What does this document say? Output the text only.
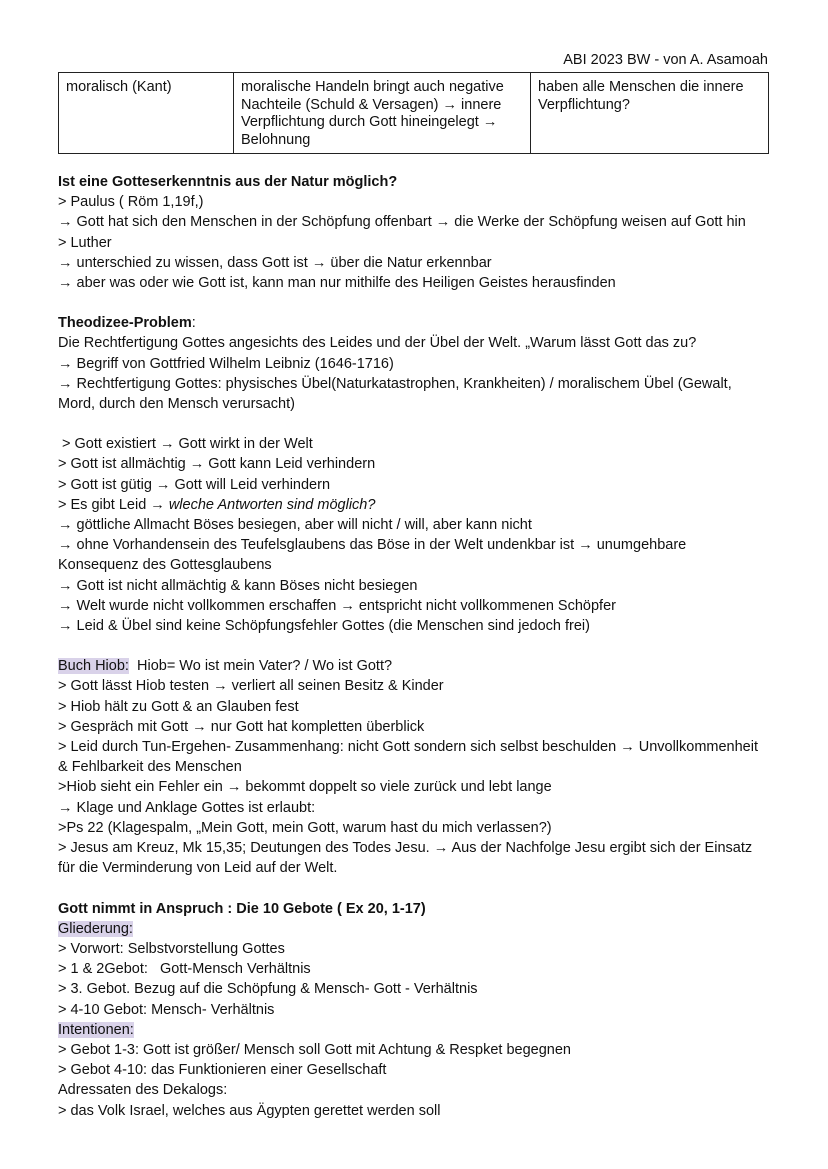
ABI 2023 BW - von A. Asamoah
moralisch (Kant)	moralische Handeln bringt auch negative Nachteile (Schuld & Versagen) → innere Verpflichtung durch Gott hineingelegt → Belohnung	haben alle Menschen die innere Verpflichtung?

Ist eine Gotteserkenntnis aus der Natur möglich?

> Paulus ( Röm 1,19f,)

→ Gott hat sich den Menschen in der Schöpfung offenbart → die Werke der Schöpfung weisen auf Gott hin

> Luther

→ unterschied zu wissen, dass Gott ist → über die Natur erkennbar

→ aber was oder wie Gott ist, kann man nur mithilfe des Heiligen Geistes herausfinden

Theodizee-Problem:

Die Rechtfertigung Gottes angesichts des Leides und der Übel der Welt. „Warum lässt Gott das zu?

→ Begriff von Gottfried Wilhelm Leibniz (1646-1716)

→ Rechtfertigung Gottes: physisches Übel(Naturkatastrophen, Krankheiten) / moralischem Übel (Gewalt, Mord, durch den Mensch verursacht)

> Gott existiert → Gott wirkt in der Welt

> Gott ist allmächtig → Gott kann Leid verhindern

> Gott ist gütig → Gott will Leid verhindern

> Es gibt Leid → wleche Antworten sind möglich?

→ göttliche Allmacht Böses besiegen, aber will nicht / will, aber kann nicht

→ ohne Vorhandensein des Teufelsglaubens das Böse in der Welt undenkbar ist → unumgehbare Konsequenz des Gottesglaubens

→ Gott ist nicht allmächtig & kann Böses nicht besiegen

→ Welt wurde nicht vollkommen erschaffen → entspricht nicht vollkommenen Schöpfer

→ Leid & Übel sind keine Schöpfungsfehler Gottes (die Menschen sind jedoch frei)

Buch Hiob:  Hiob= Wo ist mein Vater? / Wo ist Gott?

> Gott lässt Hiob testen → verliert all seinen Besitz & Kinder

> Hiob hält zu Gott & an Glauben fest

> Gespräch mit Gott → nur Gott hat kompletten überblick

> Leid durch Tun-Ergehen- Zusammenhang: nicht Gott sondern sich selbst beschulden → Unvollkommenheit & Fehlbarkeit des Menschen

>Hiob sieht ein Fehler ein → bekommt doppelt so viele zurück und lebt lange

→ Klage und Anklage Gottes ist erlaubt:

>Ps 22 (Klagespalm, „Mein Gott, mein Gott, warum hast du mich verlassen?)

> Jesus am Kreuz, Mk 15,35; Deutungen des Todes Jesu. → Aus der Nachfolge Jesu ergibt sich der Einsatz für die Verminderung von Leid auf der Welt.

Gott nimmt in Anspruch : Die 10 Gebote ( Ex 20, 1-17)

Gliederung:

> Vorwort: Selbstvorstellung Gottes

> 1 & 2Gebot:   Gott-Mensch Verhältnis

> 3. Gebot. Bezug auf die Schöpfung & Mensch- Gott - Verhältnis

> 4-10 Gebot: Mensch- Verhältnis

Intentionen:

> Gebot 1-3: Gott ist größer/ Mensch soll Gott mit Achtung & Respket begegnen

> Gebot 4-10: das Funktionieren einer Gesellschaft

Adressaten des Dekalogs:

> das Volk Israel, welches aus Ägypten gerettet werden soll
